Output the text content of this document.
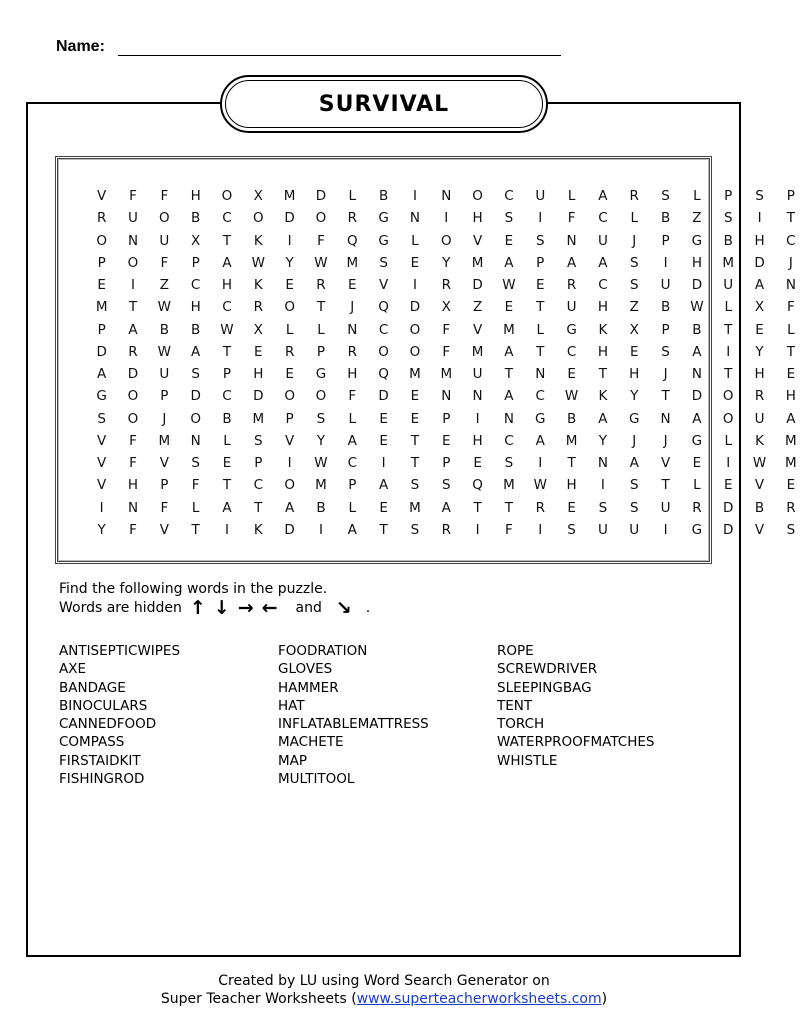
Name:
SURVIVAL
V	F	F	H	O	X	M	D	L	B	I	N	O	C	U	L	A	R	S	L	P	S	P
R	U	O	B	C	O	D	O	R	G	N	I	H	S	I	F	C	L	B	Z	S	I	T
O	N	U	X	T	K	I	F	Q	G	L	O	V	E	S	N	U	J	P	G	B	H	C
P	O	F	P	A	W	Y	W	M	S	E	Y	M	A	P	A	A	S	I	H	M	D	J
E	I	Z	C	H	K	E	R	E	V	I	R	D	W	E	R	C	S	U	D	U	A	N
M	T	W	H	C	R	O	T	J	Q	D	X	Z	E	T	U	H	Z	B	W	L	X	F
P	A	B	B	W	X	L	L	N	C	O	F	V	M	L	G	K	X	P	B	T	E	L
D	R	W	A	T	E	R	P	R	O	O	F	M	A	T	C	H	E	S	A	I	Y	T
A	D	U	S	P	H	E	G	H	Q	M	M	U	T	N	E	T	H	J	N	T	H	E
G	O	P	D	C	D	O	O	F	D	E	N	N	A	C	W	K	Y	T	D	O	R	H
S	O	J	O	B	M	P	S	L	E	E	P	I	N	G	B	A	G	N	A	O	U	A
V	F	M	N	L	S	V	Y	A	E	T	E	H	C	A	M	Y	J	J	G	L	K	M
V	F	V	S	E	P	I	W	C	I	T	P	E	S	I	T	N	A	V	E	I	W	M
V	H	P	F	T	C	O	M	P	A	S	S	Q	M	W	H	I	S	T	L	E	V	E
I	N	F	L	A	T	A	B	L	E	M	A	T	T	R	E	S	S	U	R	D	B	R
Y	F	V	T	I	K	D	I	A	T	S	R	I	F	I	S	U	U	I	G	D	V	S
Find the following words in the puzzle.
Words are hidden ↑ ↓ → ← and ↘ .
ANTISEPTICWIPES
AXE
BANDAGE
BINOCULARS
CANNEDFOOD
COMPASS
FIRSTAIDKIT
FISHINGROD
FOODRATION
GLOVES
HAMMER
HAT
INFLATABLEMATTRESS
MACHETE
MAP
MULTITOOL
ROPE
SCREWDRIVER
SLEEPINGBAG
TENT
TORCH
WATERPROOFMATCHES
WHISTLE
Created by LU using Word Search Generator on
Super Teacher Worksheets (www.superteacherworksheets.com)
